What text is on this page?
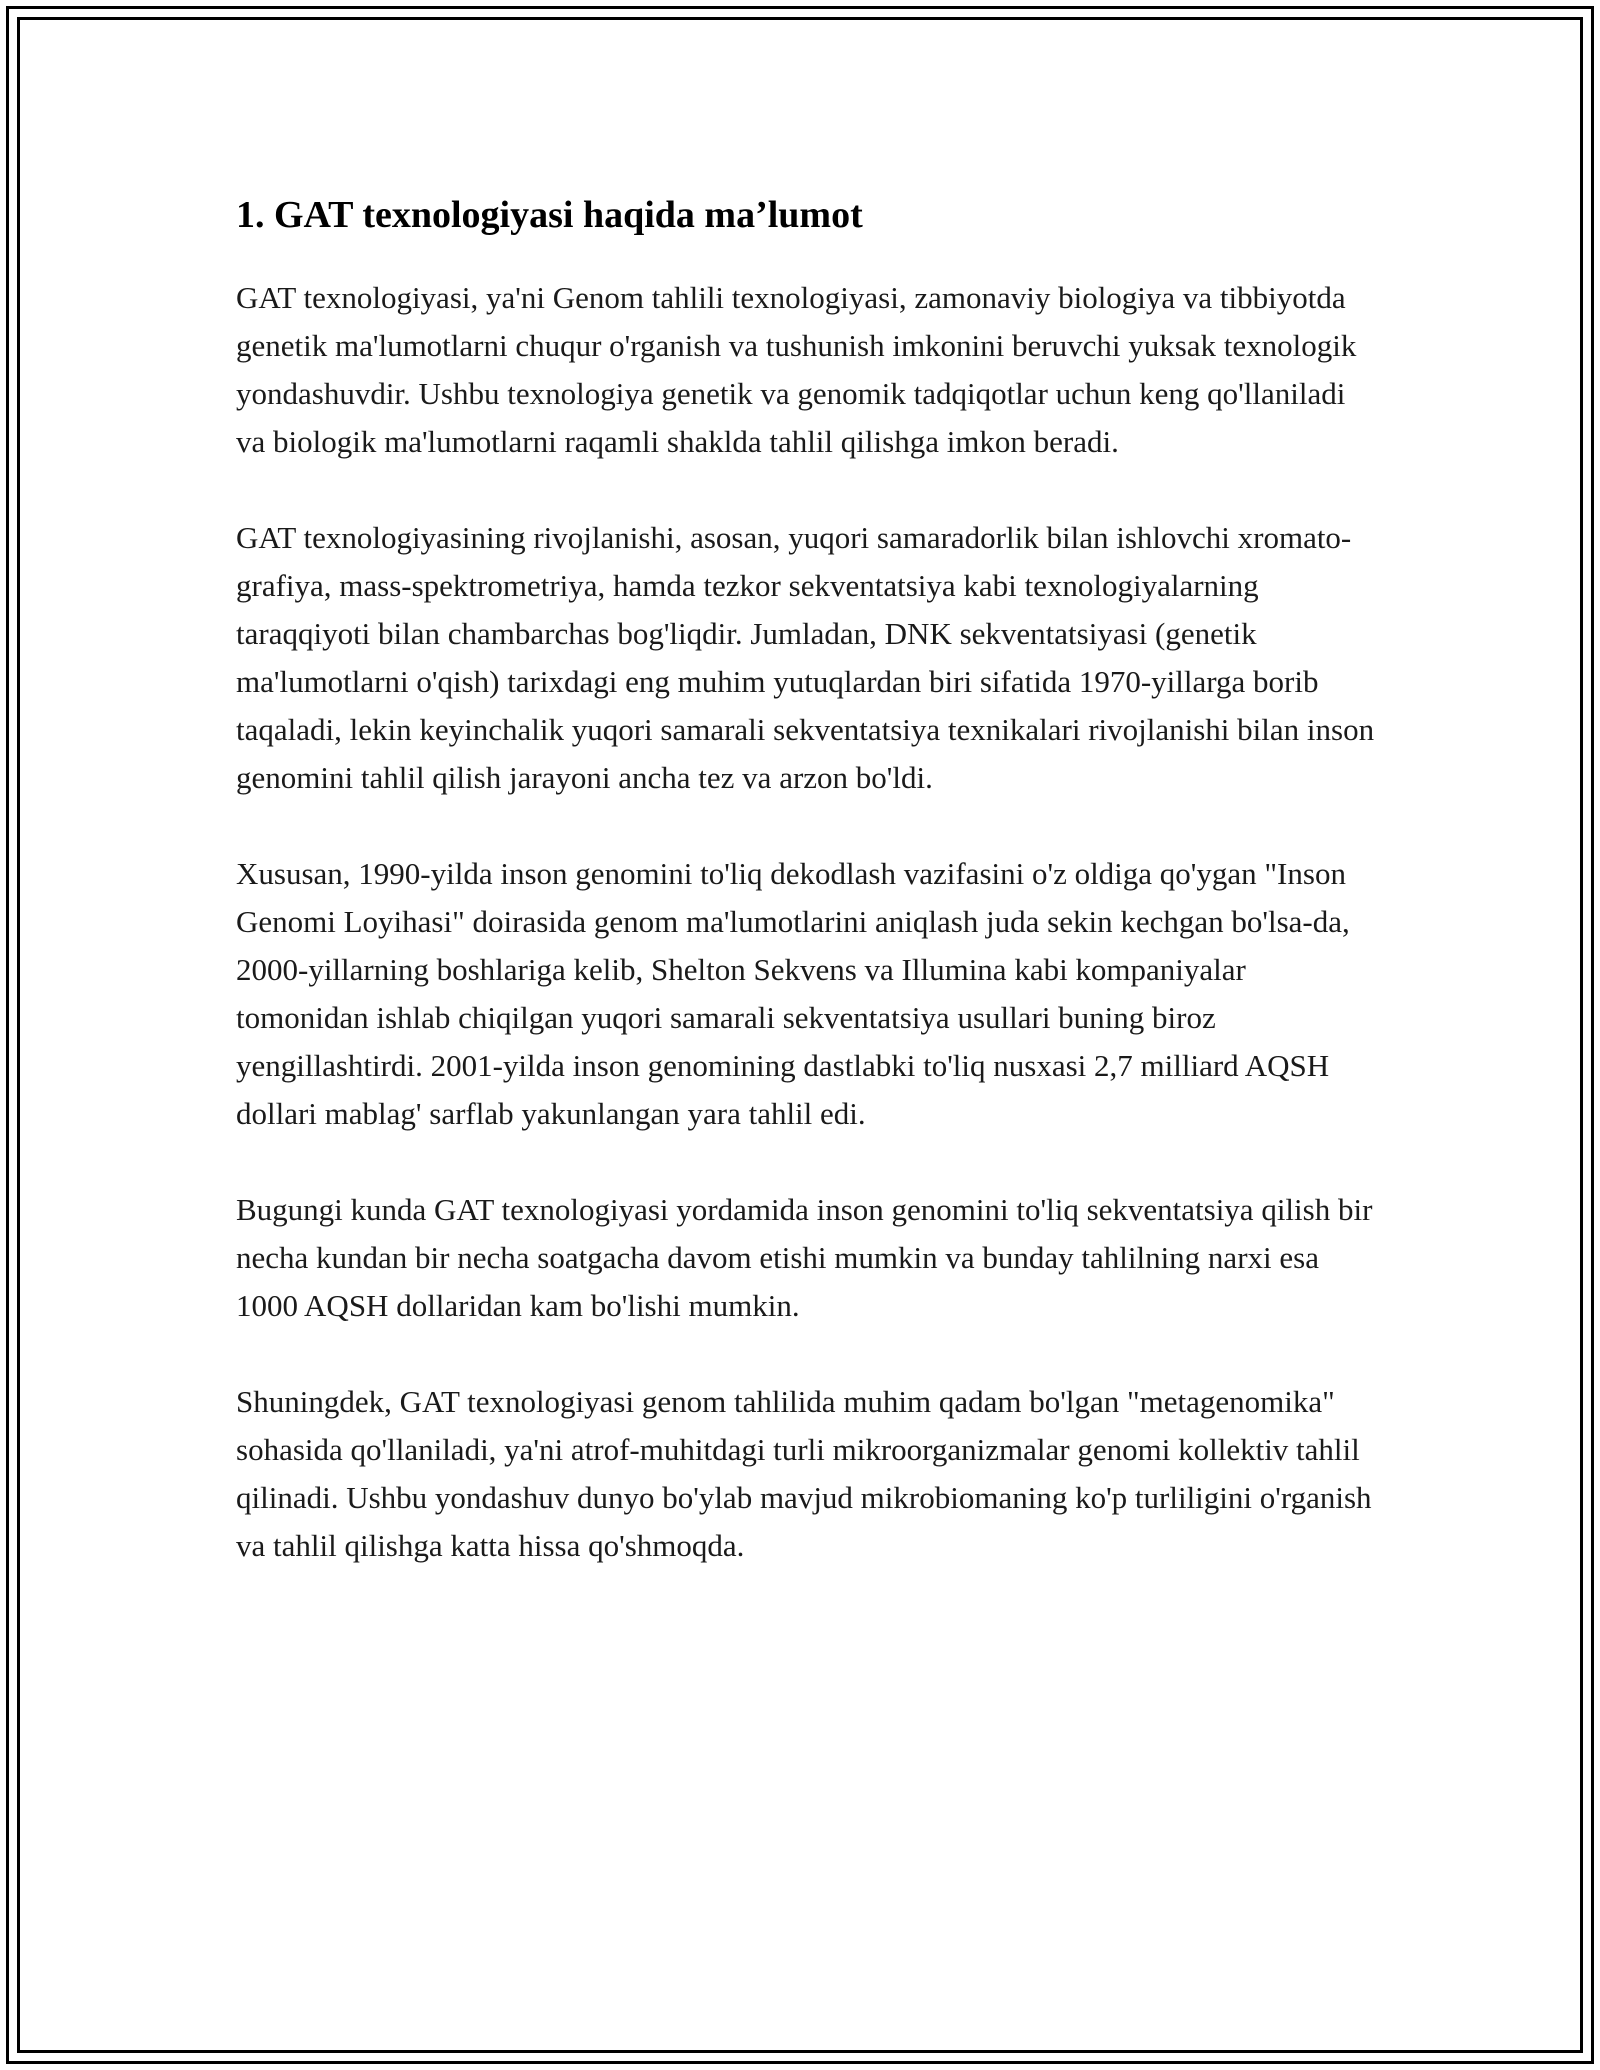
1. GAT texnologiyasi haqida ma’lumot

GAT texnologiyasi, ya'ni Genom tahlili texnologiyasi, zamonaviy biologiya va tibbiyotda genetik ma'lumotlarni chuqur o'rganish va tushunish imkonini beruvchi yuksak texnologik yondashuvdir. Ushbu texnologiya genetik va genomik tadqiqotlar uchun keng qo'llaniladi va biologik ma'lumotlarni raqamli shaklda tahlil qilishga imkon beradi.

GAT texnologiyasining rivojlanishi, asosan, yuqori samaradorlik bilan ishlovchi xromato-grafiya, mass-spektrometriya, hamda tezkor sekventatsiya kabi texnologiyalarning taraqqiyoti bilan chambarchas bog'liqdir. Jumladan, DNK sekventatsiyasi (genetik ma'lumotlarni o'qish) tarixdagi eng muhim yutuqlardan biri sifatida 1970-yillarga borib taqaladi, lekin keyinchalik yuqori samarali sekventatsiya texnikalari rivojlanishi bilan inson genomini tahlil qilish jarayoni ancha tez va arzon bo'ldi.

Xususan, 1990-yilda inson genomini to'liq dekodlash vazifasini o'z oldiga qo'ygan "Inson Genomi Loyihasi" doirasida genom ma'lumotlarini aniqlash juda sekin kechgan bo'lsa-da, 2000-yillarning boshlariga kelib, Shelton Sekvens va Illumina kabi kompaniyalar tomonidan ishlab chiqilgan yuqori samarali sekventatsiya usullari buning biroz yengillashtirdi. 2001-yilda inson genomining dastlabki to'liq nusxasi 2,7 milliard AQSH dollari mablag' sarflab yakunlangan yara tahlil edi.

Bugungi kunda GAT texnologiyasi yordamida inson genomini to'liq sekventatsiya qilish bir necha kundan bir necha soatgacha davom etishi mumkin va bunday tahlilning narxi esa 1000 AQSH dollaridan kam bo'lishi mumkin.

Shuningdek, GAT texnologiyasi genom tahlilida muhim qadam bo'lgan "metagenomika" sohasida qo'llaniladi, ya'ni atrof-muhitdagi turli mikroorganizmalar genomi kollektiv tahlil qilinadi. Ushbu yondashuv dunyo bo'ylab mavjud mikrobiomaning ko'p turliligini o'rganish va tahlil qilishga katta hissa qo'shmoqda.
